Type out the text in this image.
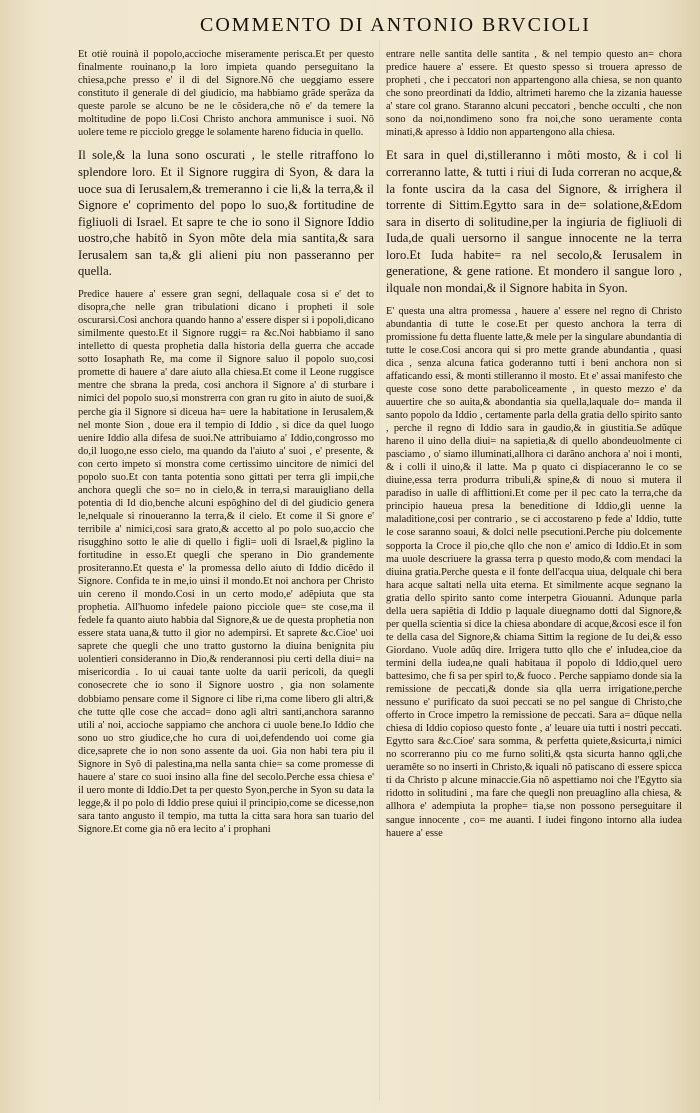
COMMENTO DI ANTONIO BRVCIOLI

Et otiè rouinà il popolo,accioche miseramente perisca.Et per questo finalmente rouinano,p la loro impieta quando perseguitano la chiesa,pche presso e' il di del Signore.Nõ che ueggiamo essere constituto il generale di del giudicio, ma habbiamo grãde sperãza da queste parole se alcuno be ne le cõsidera,che nõ e' da temere la moltitudine de popo li.Cosi Christo anchora ammunisce i suoi. Nõ uolere teme re picciolo gregge le solamente hareno fiducia in quello.

Il sole,& la luna sono oscurati , le stelle ritraffono lo splendore loro. Et il Signore ruggira di Syon, & dara la uoce sua di Ierusalem,& tremeranno i cie li,& la terra,& il Signore e' coprimento del popo lo suo,& fortitudine de figliuoli di Israel. Et sapre te che io sono il Signore Iddio uostro,che habitõ in Syon mõte dela mia santita,& sara Ierusalem san ta,& gli alieni piu non passeranno per quella.

Predice hauere a' essere gran segni, dellaquale cosa si e' det to disopra,che nelle gran tribulationi dicano i propheti il sole oscurarsi.Cosi anchora quando hanno a' essere disper si i popoli,dicano similmente questo.Et il Signore ruggi= ra &c.Noi habbiamo il sano intelletto di questa prophetia dalla historia della guerra che accade sotto Iosaphath Re, ma come il Signore saluo il popolo suo,cosi promette di hauere a' dare aiuto alla chiesa.Et come il Leone ruggisce mentre che sbrana la preda, cosi anchora il Signore a' di sturbare i nimici del popolo suo,si monstrerra con gran ru gito in aiuto de suoi,& perche gia il Signore si diceua ha= uere la habitatione in Ierusalem,& nel monte Sion , doue era il tempio di Iddio , si dice da quel luogo uenire Iddio alla difesa de suoi.Ne attribuiamo a' Iddio,congrosso mo do,il luogo,ne esso cielo, ma quando da l'aiuto a' suoi , e' presente, & con certo impeto si monstra come certissimo uincitore de nimici del popolo suo.Et con tanta potentia sono gittati per terra gli impii,che anchora quegli che so= no in cielo,& in terra,si marauigliano della potentia di Id dio,benche alcuni espõghino del di del giudicio genera le,nelquale si rinoueranno la terra,& il cielo. Et come il Si gnore e' terribile a' nimici,cosi sara grato,& accetto al po polo suo,accio che risugghino sotto le alie di quello i figli= uoli di Israel,& piglino la fortitudine in esso.Et quegli che sperano in Dio grandemente prositeranno.Et questa e' la promessa dello aiuto di Iddio dicẽdo il Signore. Confida te in me,io uinsi il mondo.Et noi anchora per Christo uin cereno il mondo.Cosi in un certo modo,e' adẽpiuta que sta prophetia. All'huomo infedele paiono picciole que= ste cose,ma il fedele fa quanto aiuto habbia dal Signore,& ue de questa prophetia non essere stata uana,& tutto il gior no adempirsi. Et saprete &c.Cioe' uoi saprete che quegli che uno tratto gustorno la diuina benignita piu uolentieri consideranno in Dio,& renderannosi piu certi della diui= na misericordia . Io ui cauai tante uolte da uarii pericoli, da quegli conosecrete che io sono il Signore uostro , gia non solamente dobbiamo pensare come il Signore ci libe ri,ma come libero gli altri,& che tutte qlle cose che accad= dono agli altri santi,anchora saranno utili a' noi, accioche sappiamo che anchora ci uuole bene.Io Iddio che sono uo stro giudice,che ho cura di uoi,defendendo uoi come gia dice,saprete che io non sono assente da uoi. Gia non habi tera piu il Signore in Syõ di palestina,ma nella santa chie= sa come promesse di hauere a' stare co suoi insino alla fine del secolo.Perche essa chiesa e' il uero monte di Iddio.Det ta per questo Syon,perche in Syon su data la legge,& il po polo di Iddio prese quiui il principio,come se dicesse,non sara tanto angusto il tempio, ma tutta la citta sara hora san tuario del Signore.Et come gia nõ era lecito a' i prophani

entrare nelle santita delle santita , & nel tempio questo an= chora predice hauere a' essere. Et questo spesso si trouera apresso de propheti , che i peccatori non appartengono alla chiesa, se non quanto che sono preordinati da Iddio, altrimeti haremo che la zizania hauesse a' stare col grano. Staranno alcuni peccatori , benche occulti , che non sono da noi,nondimeno sono fra noi,che sono ueramente conta minati,& apresso à Iddio non appartengono alla chiesa.

Et sara in quel di,stilleranno i mõti mosto, & i col li correranno latte, & tutti i riui di Iuda correran no acque,& la fonte uscira da la casa del Signore, & irrighera il torrente di Sittim.Egytto sara in de= solatione,&Edom sara in diserto di solitudine,per la ingiuria de figliuoli di Iuda,de quali uersorno il sangue innocente ne la terra loro.Et Iuda habite= ra nel secolo,& Ierusalem in generatione, & gene ratione. Et mondero il sangue loro , ilquale non mondai,& il Signore habita in Syon.

E' questa una altra promessa , hauere a' essere nel regno di Christo abundantia di tutte le cose.Et per questo anchora la terra di promissione fu detta fluente latte,& mele per la singulare abundantia di tutte le cose.Cosi ancora qui si pro mette grande abundantia , quasi dica , senza alcuna fatica goderanno tutti i beni anchora non si affaticando essi, & monti stilleranno il mosto. Et e' assai manifesto che queste cose sono dette paraboliceamente , in questo mezzo e' da auuertire che so auita,& abondantia sia quella,laquale do= manda il santo popolo da Iddio , certamente parla della gratia dello spirito santo , perche il regno di Iddio sara in gaudio,& in giustitia.Se adũque hareno il uino della diui= na sapietia,& di quello abondeuolmente ci pasciamo , o' siamo illuminati,allhora ci darãno anchora a' noi i monti, & i colli il uino,& il latte. Ma p quato ci dispiaceranno le co se diuine,essa terra produrra tribuli,& spine,& di nouo si mutera il paradiso in ualle di afflittioni.Et come per il pec cato la terra,che da principio haueua presa la beneditione di Iddio,gli uenne la maladitione,cosi per contrario , se ci accostareno p fede a' Iddio, tutte le cose saranno soaui, & dolci nelle psecutioni.Perche piu dolcemente sopporta la Croce il pio,che qllo che non e' amico di Iddio.Et in som ma uuole descriuere la grassa terra p questo modo,& com mendaci la diuina gratia.Perche questa e il fonte dell'acqua uiua, delquale chi bera hara acque saltati nella uita eterna. Et similmente acque segnano la gratia dello spirito santo come interpetra Giouanni. Adunque parla della uera sapiẽtia di Iddio p laquale diuegnamo dotti dal Signore,& per quella scientia si dice la chiesa abondare di acque,&cosi esce il fon te della casa del Signore,& chiama Sittim la regione de Iu dei,& esso Giordano. Vuole adũq dire. Irrigera tutto qllo che e' inIudea,cioe da termini della iudea,ne quali habitaua il popolo di Iddio,quel uero battesimo, che fi sa per spirl to,& fuoco . Perche sappiamo donde sia la remissione de peccati,& donde sia qlla uerra irrigatione,perche nessuno e' purificato da suoi peccati se no pel sangue di Christo,che offerto in Croce impetro la remissione de peccati. Sara a= dũque nella chiesa di Iddio copioso questo fonte , a' leuare uia tutti i nostri peccati. Egytto sara &c.Cioe' sara somma, & perfetta quiete,&sicurta,i nimici no scorreranno piu co me furno soliti,& qsta sicurta hanno qgli,che ueramẽte so no inserti in Christo,& iquali nõ patiscano di essere spicca ti da Christo p alcune minaccie.Gia nõ aspettiamo noi che l'Egytto sia ridotto in solitudini , ma fare che quegli non preuaglino alla chiesa, & allhora e' adempiuta la prophe= tia,se non possono perseguitare il sangue innocente , co= me auanti. I iudei fingono intorno alla iudea hauere a' esse
